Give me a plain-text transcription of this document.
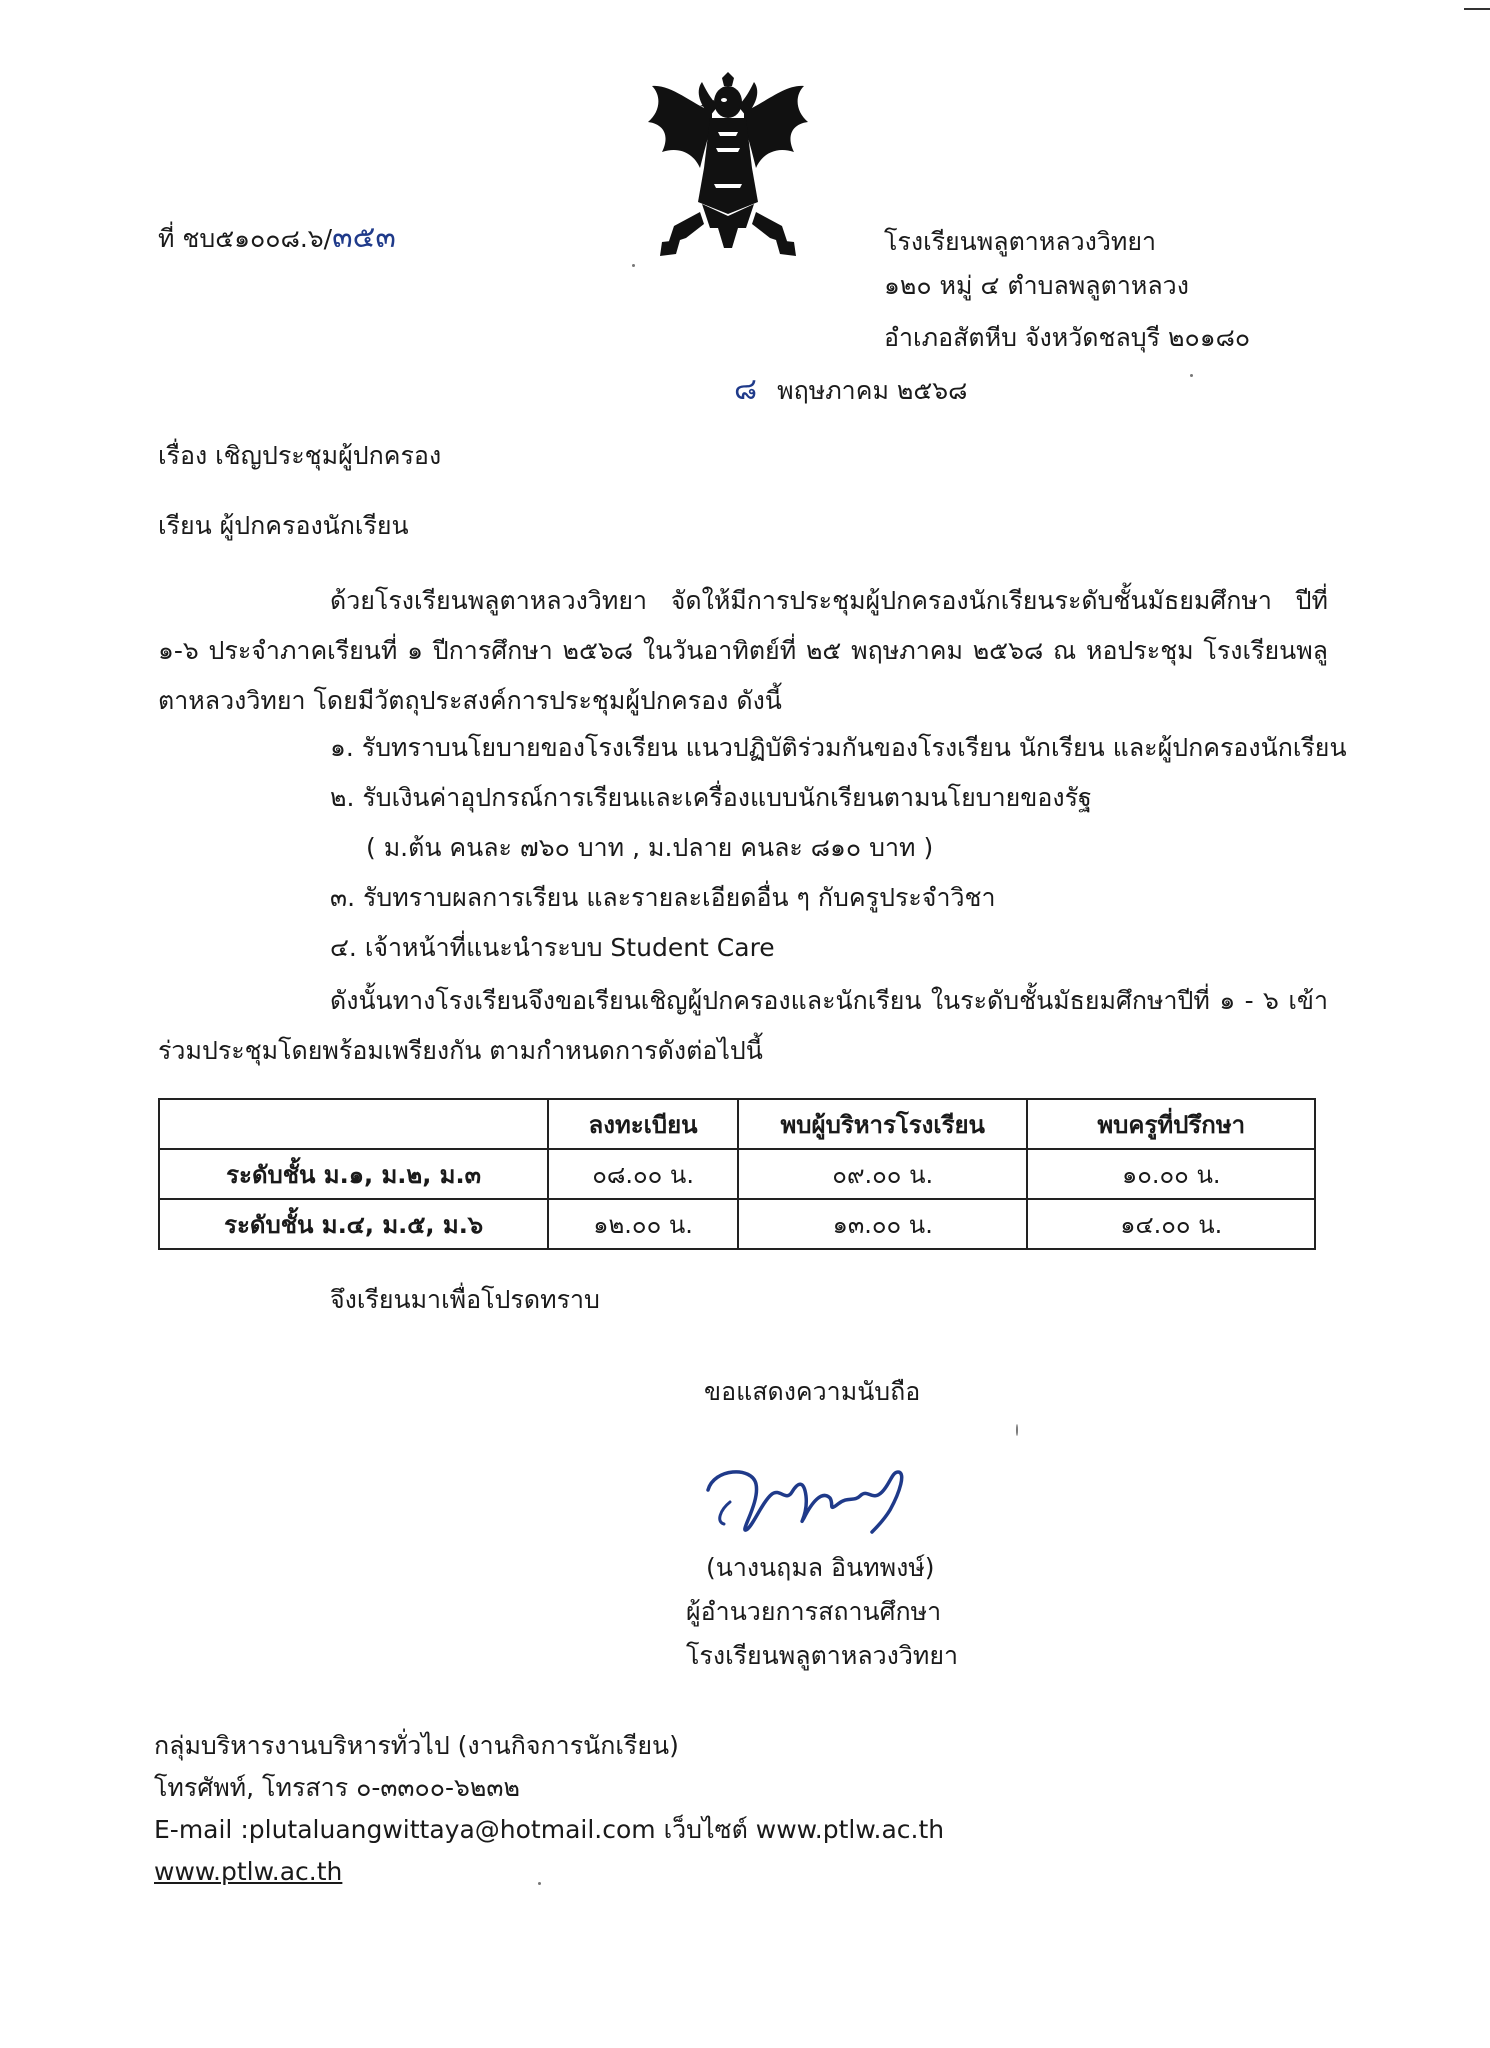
ที่ ชบ๕๑๐๐๘.๖/๓๕๓	โรงเรียนพลูตาหลวงวิทยา
๑๒๐ หมู่ ๔ ตำบลพลูตาหลวง
อำเภอสัตหีบ จังหวัดชลบุรี ๒๐๑๘๐
๘ พฤษภาคม ๒๕๖๘
เรื่อง เชิญประชุมผู้ปกครอง
เรียน ผู้ปกครองนักเรียน
ด้วยโรงเรียนพลูตาหลวงวิทยา จัดให้มีการประชุมผู้ปกครองนักเรียนระดับชั้นมัธยมศึกษา ปีที่ ๑-๖ ประจำภาคเรียนที่ ๑ ปีการศึกษา ๒๕๖๘ ในวันอาทิตย์ที่ ๒๕ พฤษภาคม ๒๕๖๘ ณ หอประชุม โรงเรียนพลูตาหลวงวิทยา โดยมีวัตถุประสงค์การประชุมผู้ปกครอง ดังนี้
๑. รับทราบนโยบายของโรงเรียน แนวปฏิบัติร่วมกันของโรงเรียน นักเรียน และผู้ปกครองนักเรียน
๒. รับเงินค่าอุปกรณ์การเรียนและเครื่องแบบนักเรียนตามนโยบายของรัฐ
( ม.ต้น คนละ ๗๖๐ บาท , ม.ปลาย คนละ ๘๑๐ บาท )
๓. รับทราบผลการเรียน และรายละเอียดอื่น ๆ กับครูประจำวิชา
๔. เจ้าหน้าที่แนะนำระบบ Student Care
ดังนั้นทางโรงเรียนจึงขอเรียนเชิญผู้ปกครองและนักเรียน ในระดับชั้นมัธยมศึกษาปีที่ ๑ - ๖ เข้าร่วมประชุมโดยพร้อมเพรียงกัน ตามกำหนดการดังต่อไปนี้
	ลงทะเบียน	พบผู้บริหารโรงเรียน	พบครูที่ปรึกษา
ระดับชั้น ม.๑, ม.๒, ม.๓	๐๘.๐๐ น.	๐๙.๐๐ น.	๑๐.๐๐ น.
ระดับชั้น ม.๔, ม.๕, ม.๖	๑๒.๐๐ น.	๑๓.๐๐ น.	๑๔.๐๐ น.
จึงเรียนมาเพื่อโปรดทราบ
ขอแสดงความนับถือ
(นางนฤมล อินทพงษ์)
ผู้อำนวยการสถานศึกษา
โรงเรียนพลูตาหลวงวิทยา
กลุ่มบริหารงานบริหารทั่วไป (งานกิจการนักเรียน)
โทรศัพท์, โทรสาร ๐-๓๓๐๐-๖๒๓๒
E-mail :plutaluangwittaya@hotmail.com เว็บไซต์ www.ptlw.ac.th
www.ptlw.ac.th
